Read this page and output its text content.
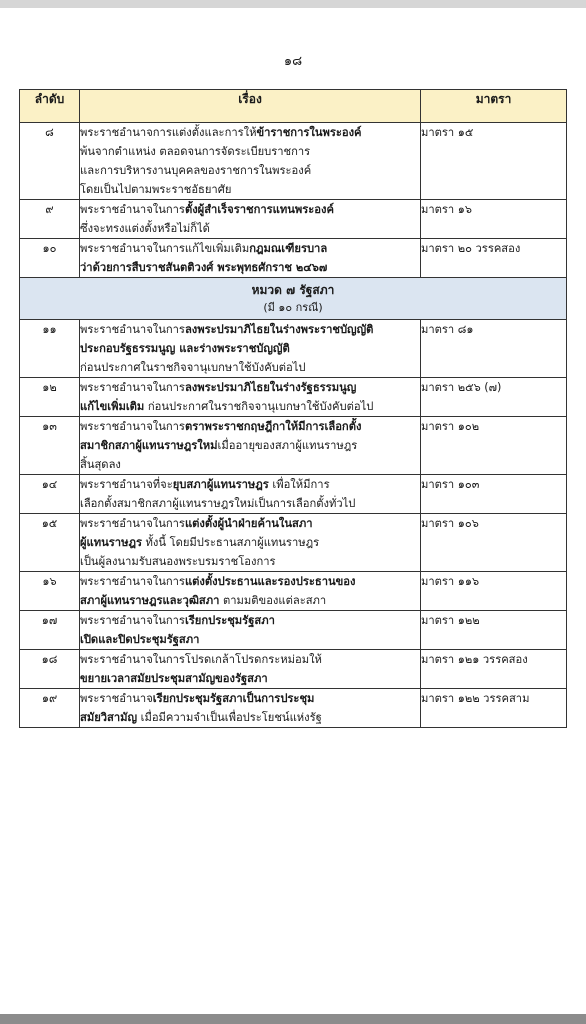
๑๘
ลำดับ	เรื่อง	มาตรา
๘	พระราชอำนาจการแต่งตั้งและการให้ข้าราชการในพระองค์
พ้นจากตำแหน่ง ตลอดจนการจัดระเบียบราชการ
และการบริหารงานบุคคลของราชการในพระองค์
โดยเป็นไปตามพระราชอัธยาศัย	มาตรา ๑๕
๙	พระราชอำนาจในการตั้งผู้สำเร็จราชการแทนพระองค์
ซึ่งจะทรงแต่งตั้งหรือไม่ก็ได้	มาตรา ๑๖
๑๐	พระราชอำนาจในการแก้ไขเพิ่มเติมกฎมณเฑียรบาล
ว่าด้วยการสืบราชสันตติวงศ์ พระพุทธศักราช ๒๔๖๗	มาตรา ๒๐ วรรคสอง

หมวด ๗ รัฐสภา
(มี ๑๐ กรณี)		

๑๑	พระราชอำนาจในการลงพระปรมาภิไธยในร่างพระราชบัญญัติ
ประกอบรัฐธรรมนูญ และร่างพระราชบัญญัติ
ก่อนประกาศในราชกิจจานุเบกษาใช้บังคับต่อไป	มาตรา ๘๑
๑๒	พระราชอำนาจในการลงพระปรมาภิไธยในร่างรัฐธรรมนูญ
แก้ไขเพิ่มเติม ก่อนประกาศในราชกิจจานุเบกษาใช้บังคับต่อไป	มาตรา ๒๕๖ (๗)
๑๓	พระราชอำนาจในการตราพระราชกฤษฎีกาให้มีการเลือกตั้ง
สมาชิกสภาผู้แทนราษฎรใหม่เมื่ออายุของสภาผู้แทนราษฎร
สิ้นสุดลง	มาตรา ๑๐๒
๑๔	พระราชอำนาจที่จะยุบสภาผู้แทนราษฎร เพื่อให้มีการ
เลือกตั้งสมาชิกสภาผู้แทนราษฎรใหม่เป็นการเลือกตั้งทั่วไป	มาตรา ๑๐๓
๑๕	พระราชอำนาจในการแต่งตั้งผู้นำฝ่ายค้านในสภา
ผู้แทนราษฎร ทั้งนี้ โดยมีประธานสภาผู้แทนราษฎร
เป็นผู้ลงนามรับสนองพระบรมราชโองการ	มาตรา ๑๐๖
๑๖	พระราชอำนาจในการแต่งตั้งประธานและรองประธานของ
สภาผู้แทนราษฎรและวุฒิสภา ตามมติของแต่ละสภา	มาตรา ๑๑๖
๑๗	พระราชอำนาจในการเรียกประชุมรัฐสภา
เปิดและปิดประชุมรัฐสภา	มาตรา ๑๒๒
๑๘	พระราชอำนาจในการโปรดเกล้าโปรดกระหม่อมให้
ขยายเวลาสมัยประชุมสามัญของรัฐสภา	มาตรา ๑๒๑ วรรคสอง
๑๙	พระราชอำนาจเรียกประชุมรัฐสภาเป็นการประชุม
สมัยวิสามัญ เมื่อมีความจำเป็นเพื่อประโยชน์แห่งรัฐ	มาตรา ๑๒๒ วรรคสาม
